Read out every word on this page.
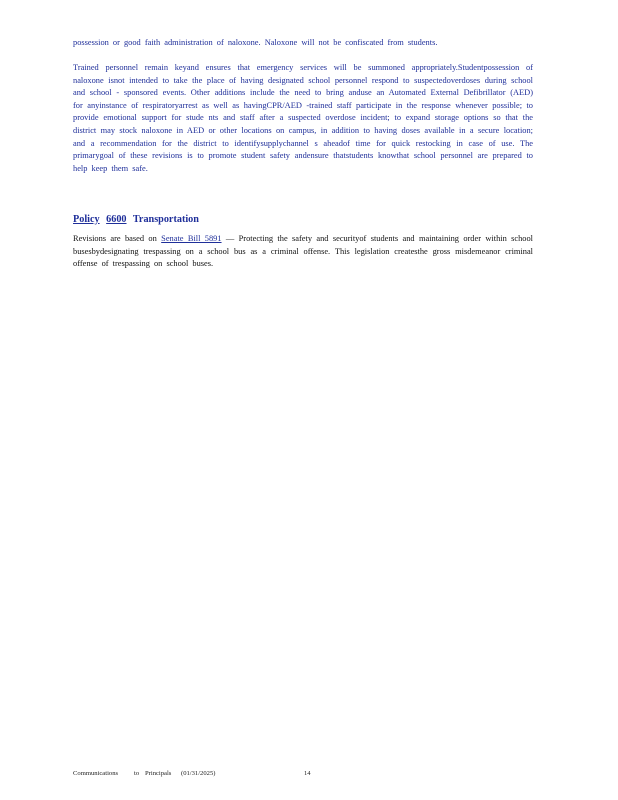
possession or good faith administration of naloxone. Naloxone will not be confiscated from students.

Trained personnel remain keyand ensures that emergency services will be summoned appropriately.Studentpossession of naloxone isnot intended to take the place of having designated school personnel respond to suspectedoverdoses during school and school - sponsored events. Other additions include the need to bring anduse an Automated External Defibrillator (AED) for anyinstance of respiratoryarrest as well as havingCPR/AED -trained staff participate in the response whenever possible; to provide emotional support for stude nts and staff after a suspected overdose incident; to expand storage options so that the district may stock naloxone in AED or other locations on campus, in addition to having doses available in a secure location; and a recommendation for the district to identifysupplychannel s aheadof time for quick restocking in case of use. The primarygoal of these revisions is to promote student safety andensure thatstudents knowthat school personnel are prepared to help keep them safe.

Policy 6600 Transportation

Revisions are based on Senate Bill 5891 — Protecting the safety and securityof students and maintaining order within school busesbydesignating trespassing on a school bus as a criminal offense. This legislation createsthe gross misdemeanor criminal offense of trespassing on school buses.

Communications to Principals (01/31/2025)	14
